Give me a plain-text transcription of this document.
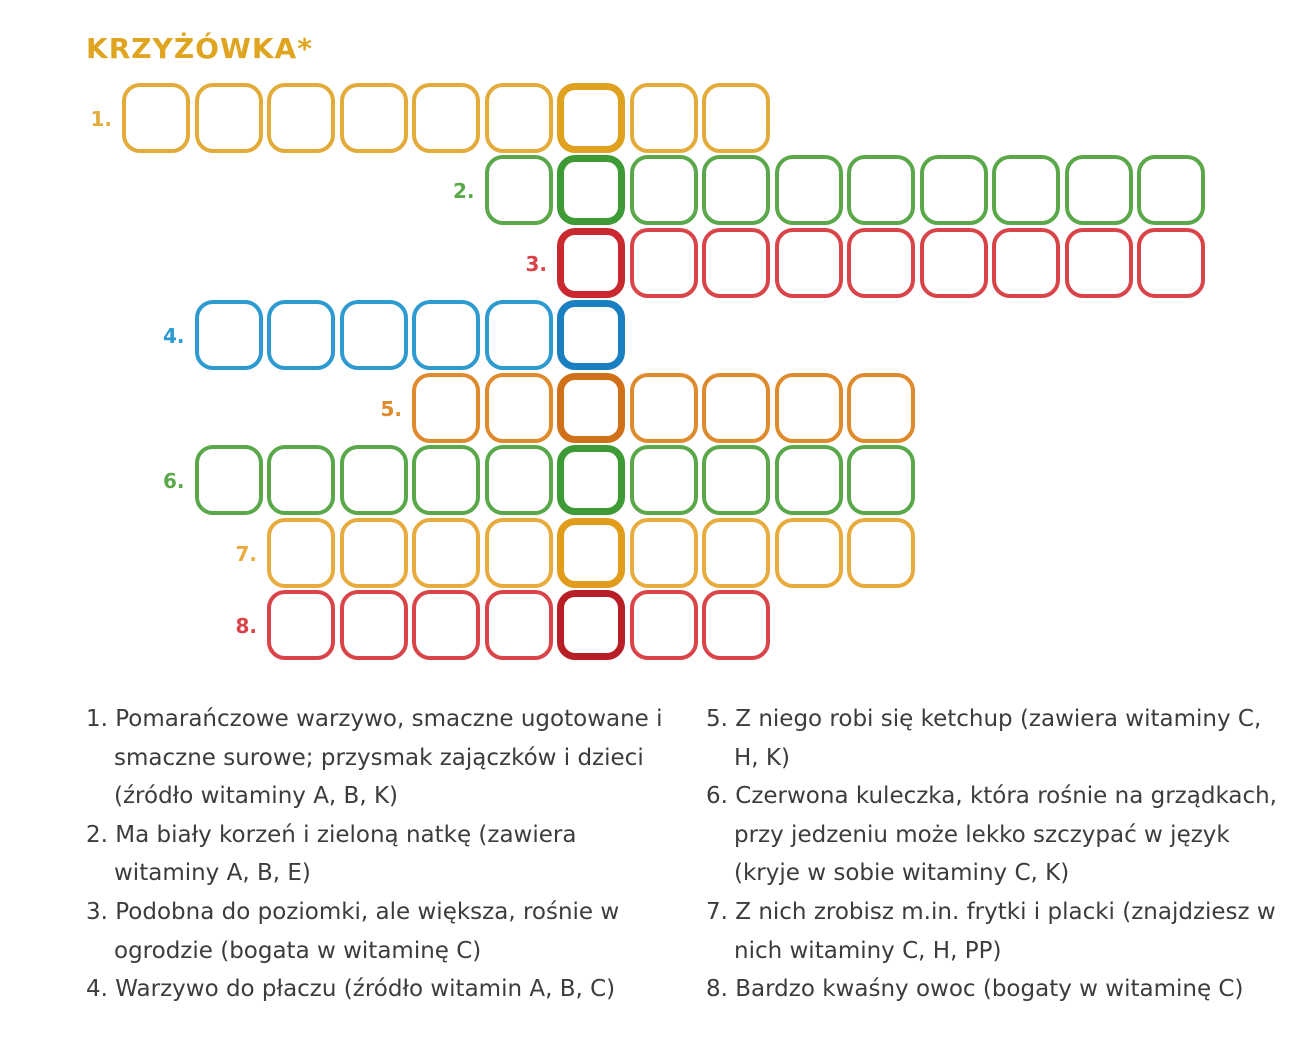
KRZYŻÓWKA*
1.
2.
3.
4.
5.
6.
7.
8.
1. Pomarańczowe warzywo, smaczne ugotowane i smaczne surowe; przysmak zajączków i dzieci (źródło witaminy A, B, K)
2. Ma biały korzeń i zieloną natkę (zawiera witaminy A, B, E)
3. Podobna do poziomki, ale większa, rośnie w ogrodzie (bogata w witaminę C)
4. Warzywo do płaczu (źródło witamin A, B, C)
5. Z niego robi się ketchup (zawiera witaminy C, H, K)
6. Czerwona kuleczka, która rośnie na grządkach, przy jedzeniu może lekko szczypać w język (kryje w sobie witaminy C, K)
7. Z nich zrobisz m.in. frytki i placki (znajdziesz w nich witaminy C, H, PP)
8. Bardzo kwaśny owoc (bogaty w witaminę C)
